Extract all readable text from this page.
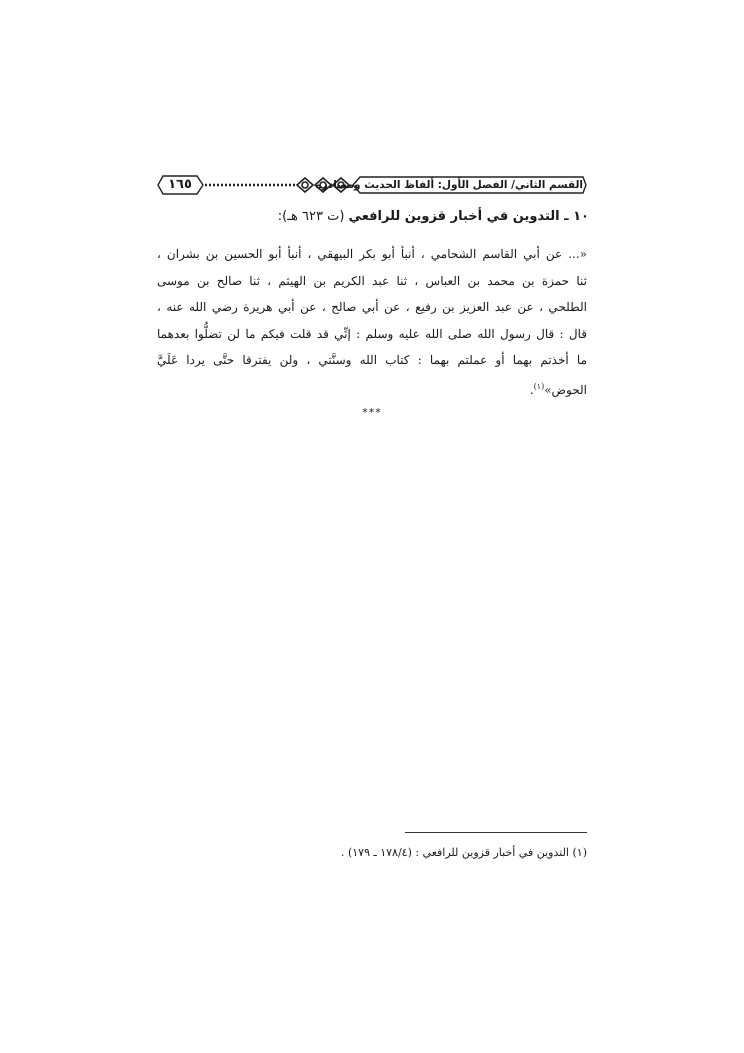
١٦٥	القسم الثاني/ الفصل الأول: ألفاظ الحديث ومصادره
١٠ ـ التدوين في أخبار قزوين للرافعي (ت ٦٢٣ هـ):
«... عن أبي القاسم الشحامي ، أنبأ أبو بكر البيهقي ، أنبأ أبو الحسين بن بشران ،
ثنا حمزة بن محمد بن العباس ، ثنا عبد الكريم بن الهيثم ، ثنا صالح بن موسى
الطلحي ، عن عبد العزيز بن رفيع ، عن أبي صالح ، عن أبي هريرة رضي الله عنه ،
قال : قال رسول الله صلى الله عليه وسلم : إنِّي قد قلت فيكم ما لن تضلُّوا بعدهما
ما أخذتم بهما أو عملتم بهما : كتاب الله وسنَّتي ، ولن يفترقا حتَّى يردا عَلَيَّ
الحوض»$^{(١)}$.
***
(١) التدوين في أخبار قزوين للرافعي : (١٧٨/٤ ـ ١٧٩) .
